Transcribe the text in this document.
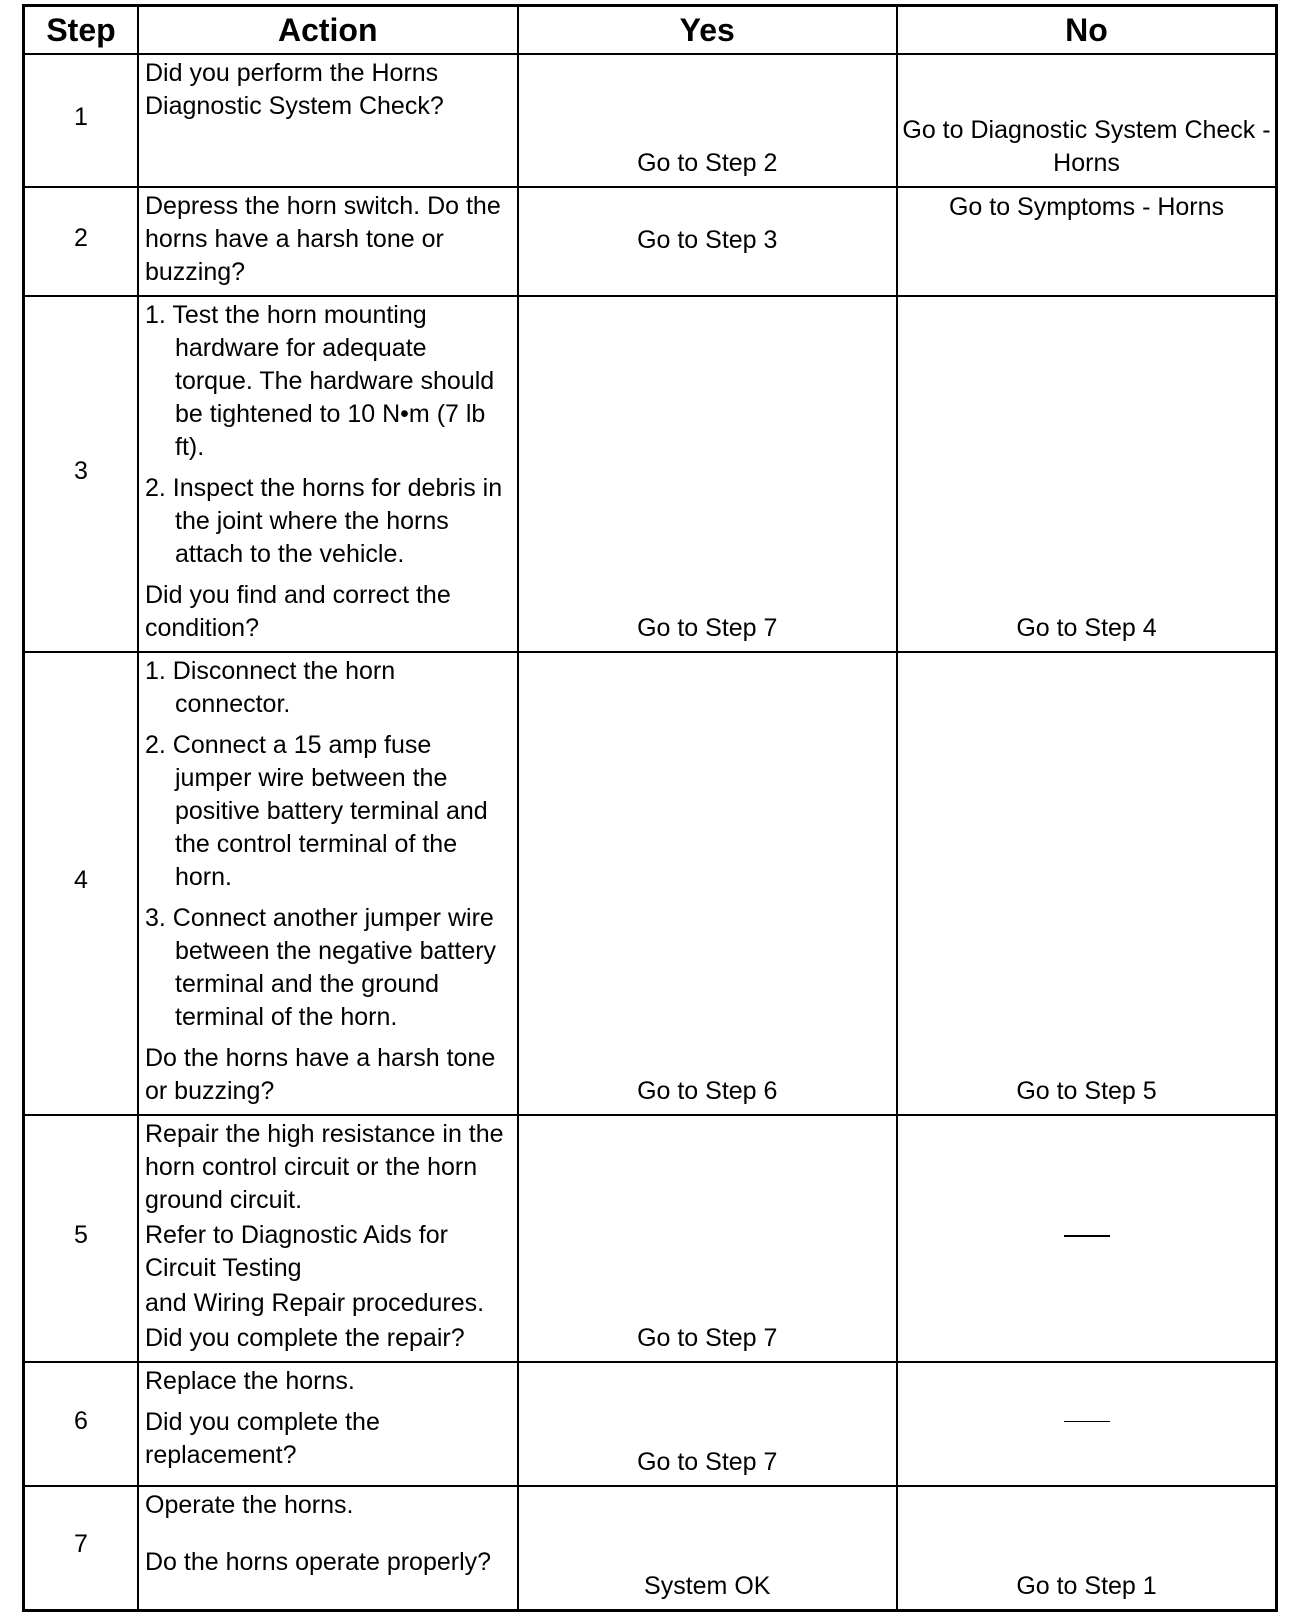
Step	Action	Yes	No

1	Did you perform the Horns Diagnostic System Check?	Go to Step 2	Go to Diagnostic System Check - Horns

2	Depress the horn switch. Do the horns have a harsh tone or buzzing?	Go to Step 3	Go to Symptoms - Horns

3	1. Test the horn mounting hardware for adequate torque. The hardware should be tightened to 10 N•m (7 lb ft).
2. Inspect the horns for debris in the joint where the horns attach to the vehicle.
Did you find and correct the condition?	Go to Step 7	Go to Step 4

4	1. Disconnect the horn connector.
2. Connect a 15 amp fuse jumper wire between the positive battery terminal and the control terminal of the horn.
3. Connect another jumper wire between the negative battery terminal and the ground terminal of the horn.
Do the horns have a harsh tone or buzzing?	Go to Step 6	Go to Step 5

5	Repair the high resistance in the horn control circuit or the horn ground circuit.
Refer to Diagnostic Aids for Circuit Testing
and Wiring Repair procedures.
Did you complete the repair?	Go to Step 7	

6	Replace the horns.
Did you complete the replacement?	Go to Step 7	

7	Operate the horns.
Do the horns operate properly?	System OK	Go to Step 1
